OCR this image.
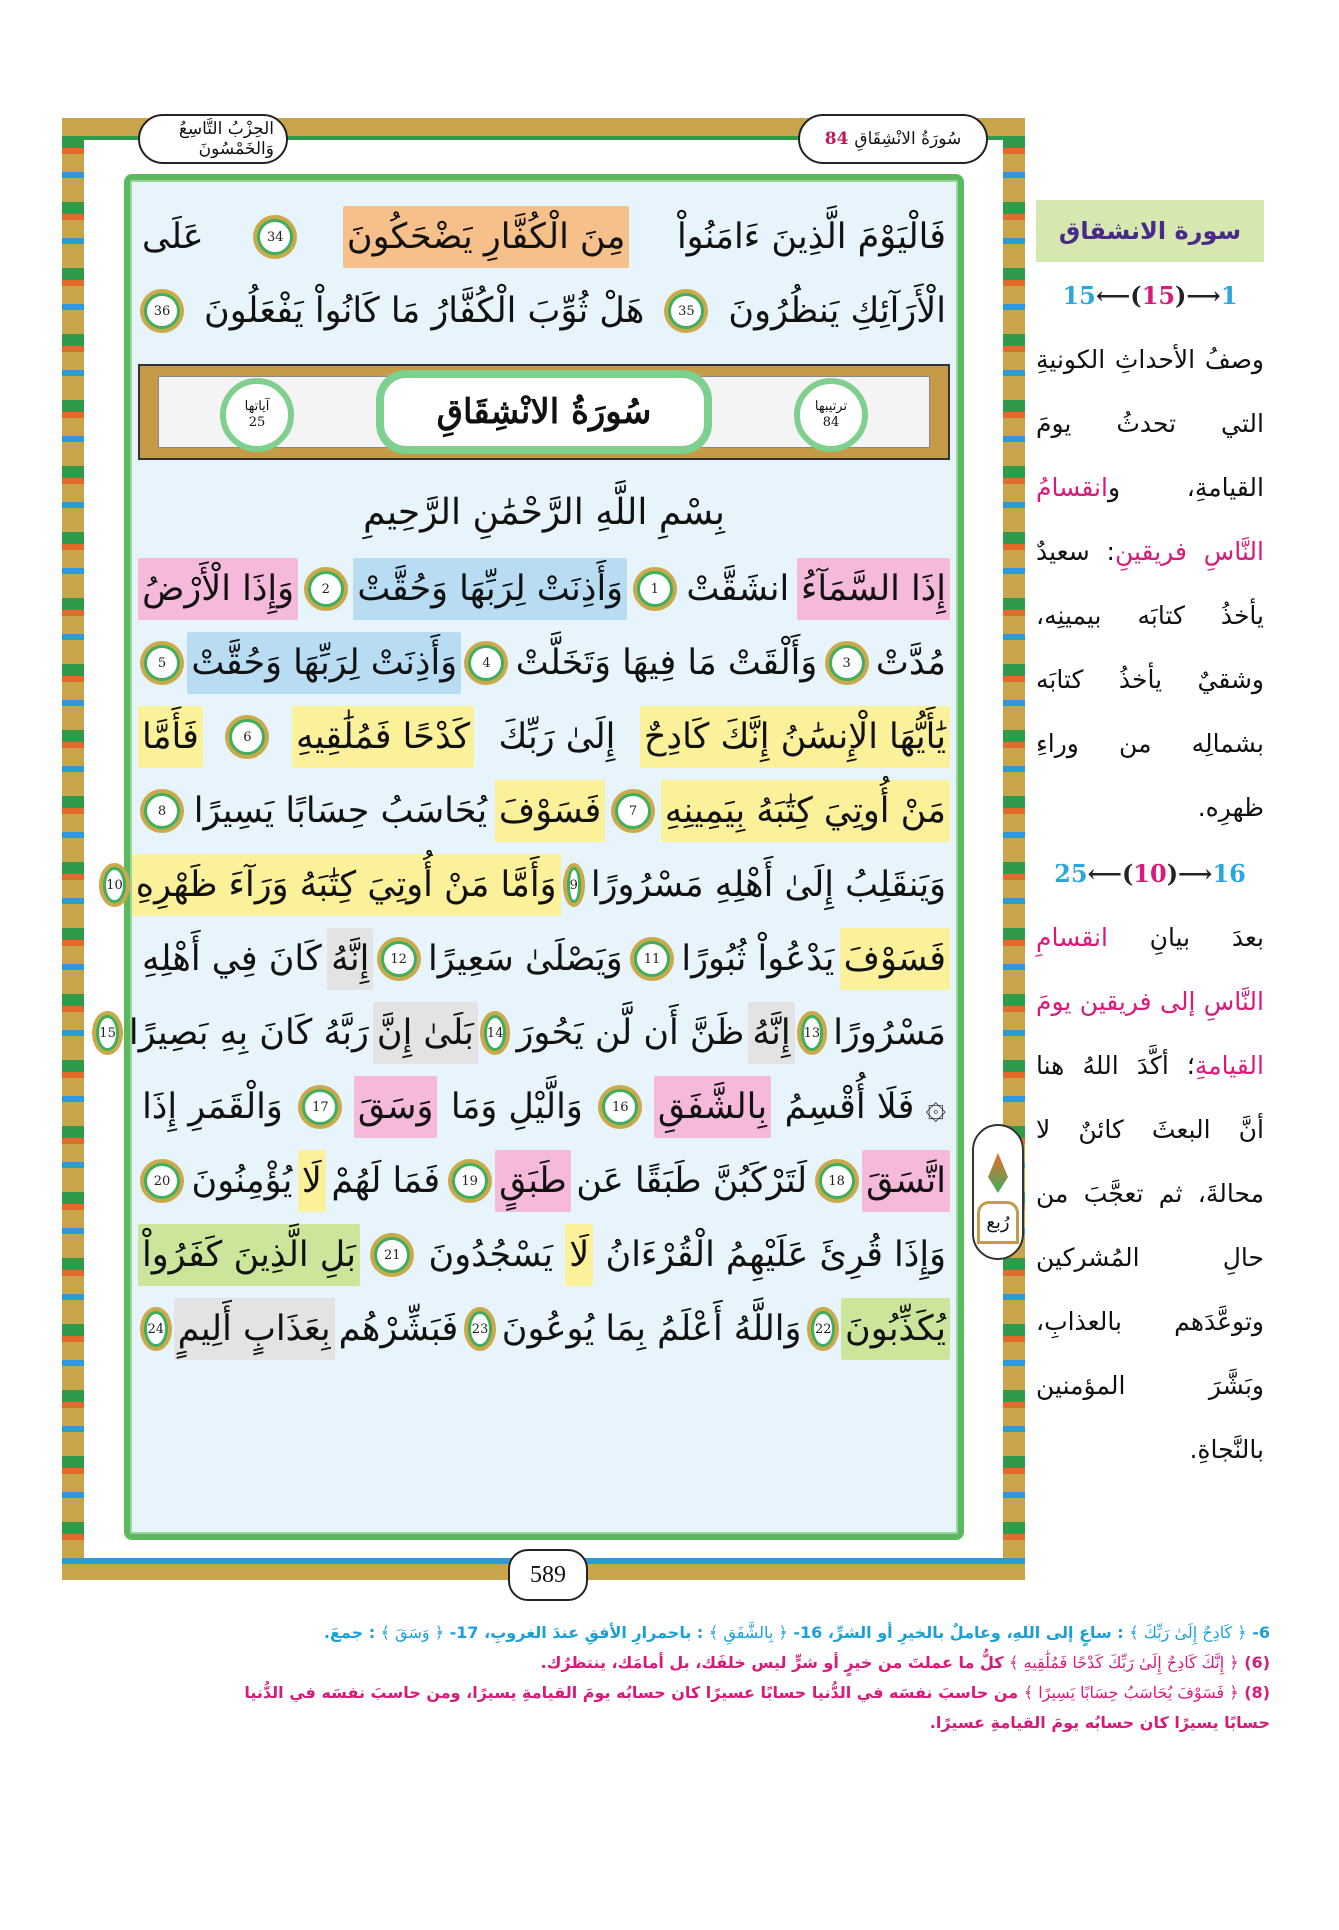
الحِزْبُ التَّاسِعُ وَالخَمْسُونَ	سُورَةُ الانْشِقَاقِ
84
فَالْيَوْمَ الَّذِينَ ءَامَنُواْ
مِنَ الْكُفَّارِ يَضْحَكُونَ
34
عَلَى
الْأَرَآئِكِ يَنظُرُونَ
35
هَلْ ثُوِّبَ الْكُفَّارُ مَا كَانُواْ يَفْعَلُونَ
36
ترتيبها
84
سُورَةُ الانْشِقَاقِ
آياتها
25
بِسْمِ اللَّهِ الرَّحْمَٰنِ الرَّحِيمِ
إِذَا السَّمَآءُ
انشَقَّتْ
1
وَأَذِنَتْ لِرَبِّهَا وَحُقَّتْ
2
وَإِذَا الْأَرْضُ
مُدَّتْ
3
وَأَلْقَتْ مَا فِيهَا وَتَخَلَّتْ
4
وَأَذِنَتْ لِرَبِّهَا وَحُقَّتْ
5
يَٰأَيُّهَا الْإِنسَٰنُ إِنَّكَ كَادِحٌ
إِلَىٰ رَبِّكَ
كَدْحًا فَمُلَٰقِيهِ
6
فَأَمَّا
مَنْ أُوتِيَ كِتَٰبَهُ بِيَمِينِهِ
7
فَسَوْفَ
يُحَاسَبُ حِسَابًا يَسِيرًا
8
وَيَنقَلِبُ إِلَىٰ أَهْلِهِ مَسْرُورًا
9
وَأَمَّا مَنْ أُوتِيَ كِتَٰبَهُ وَرَآءَ ظَهْرِهِ
10
فَسَوْفَ
يَدْعُواْ ثُبُورًا
11
وَيَصْلَىٰ سَعِيرًا
12
إِنَّهُ
كَانَ فِي أَهْلِهِ
مَسْرُورًا
13
إِنَّهُ
ظَنَّ أَن لَّن يَحُورَ
14
بَلَىٰ إِنَّ
رَبَّهُ كَانَ بِهِ بَصِيرًا
15
۞ فَلَا أُقْسِمُ
بِالشَّفَقِ
16
وَالَّيْلِ وَمَا
وَسَقَ
17
وَالْقَمَرِ إِذَا
اتَّسَقَ
18
لَتَرْكَبُنَّ طَبَقًا عَن
طَبَقٍ
19
فَمَا لَهُمْ
لَا
يُؤْمِنُونَ
20
وَإِذَا قُرِئَ عَلَيْهِمُ الْقُرْءَانُ
لَا
يَسْجُدُونَ
21
بَلِ الَّذِينَ كَفَرُواْ
يُكَذِّبُونَ
22
وَاللَّهُ أَعْلَمُ بِمَا يُوعُونَ
23
فَبَشِّرْهُم
بِعَذَابٍ أَلِيمٍ
24
رُبع
589
سورة الانشقاق
15 ⟵( 15 )⟶ 1

وصفُ الأحداثِ الكونيةِ التي تحدثُ يومَ القيامةِ، وانقسامُ النَّاسِ فريقينِ: سعيدٌ يأخذُ كتابَه بيمينِه، وشقيٌ يأخذُ كتابَه بشمالِه من وراءِ ظهرِه.

25 ⟵( 10 )⟶ 16

بعدَ بيانِ انقسامِ النَّاسِ إلى فريقين يومَ القيامةِ؛ أكَّدَ اللهُ هنا أنَّ البعثَ كائنٌ لا محالةَ، ثم تعجَّبَ من حالِ المُشركين وتوعَّدَهم بالعذابِ، وبَشَّرَ المؤمنين بالنَّجاةِ.

6- ﴿ كَادِحٌ إِلَىٰ رَبِّكَ ﴾ : ساعٍ إلى اللهِ، وعاملٌ بالخيرِ أو الشرِّ، 16- ﴿ بِالشَّفَقِ ﴾ : باحمرارِ الأفقِ عندَ الغروبِ، 17- ﴿ وَسَقَ ﴾ : جمعَ.
(6) ﴿ إِنَّكَ كَادِحٌ إِلَىٰ رَبِّكَ كَدْحًا فَمُلَٰقِيهِ ﴾ كلُّ ما عملتَ من خيرٍ أو شرٍّ ليس خلفَك، بل أمامَك، ينتظرُك.
(8) ﴿ فَسَوْفَ يُحَاسَبُ حِسَابًا يَسِيرًا ﴾ من حاسبَ نفسَه في الدُّنيا حسابًا عسيرًا كان حسابُه يومَ القيامةِ يسيرًا، ومن حاسبَ نفسَه في الدُّنيا حسابًا يسيرًا كان حسابُه يومَ القيامةِ عسيرًا.
